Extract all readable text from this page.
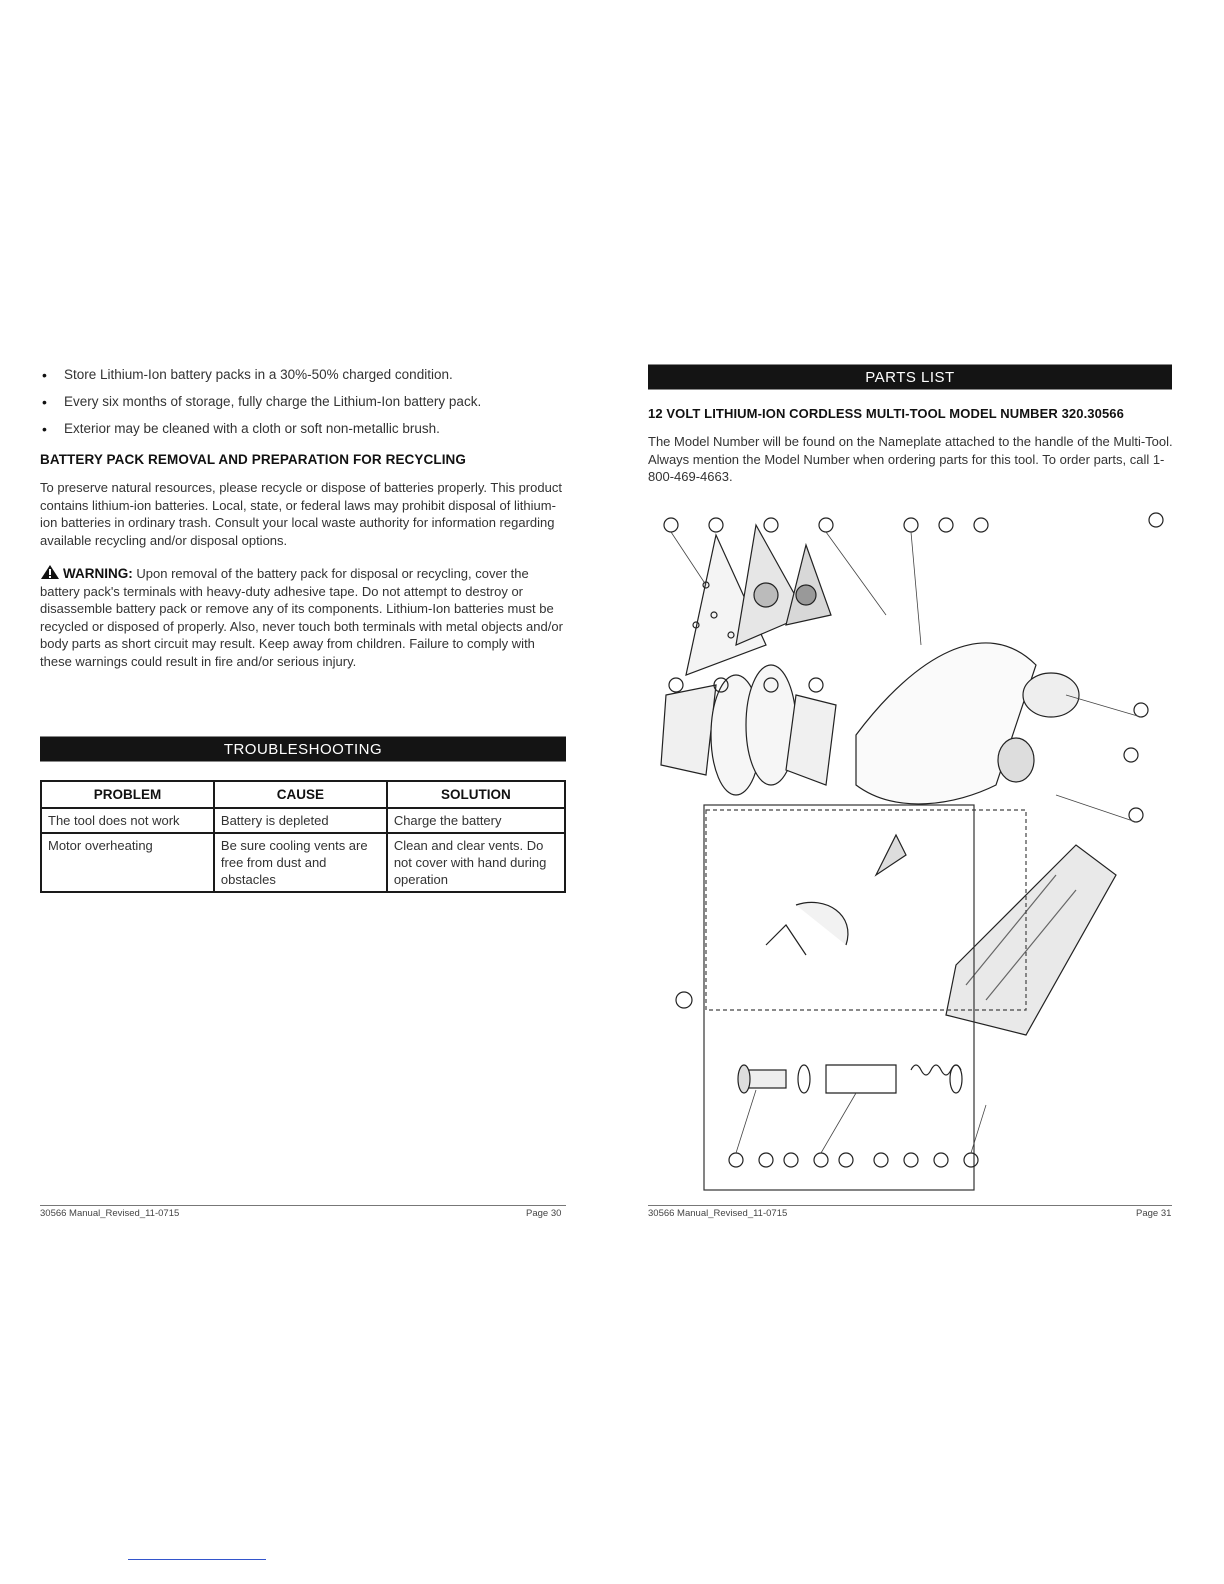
• Store Lithium-Ion battery packs in a 30%-50% charged condition.
• Every six months of storage, fully charge the Lithium-Ion battery pack.
• Exterior may be cleaned with a cloth or soft non-metallic brush.
BATTERY PACK REMOVAL AND PREPARATION FOR RECYCLING
To preserve natural resources, please recycle or dispose of batteries properly. This product contains lithium-ion batteries. Local, state, or federal laws may prohibit disposal of lithium-ion batteries in ordinary trash. Consult your local waste authority for information regarding available recycling and/or disposal options.
WARNING: Upon removal of the battery pack for disposal or recycling, cover the battery pack's terminals with heavy-duty adhesive tape. Do not attempt to destroy or disassemble battery pack or remove any of its components. Lithium-Ion batteries must be recycled or disposed of properly. Also, never touch both terminals with metal objects and/or body parts as short circuit may result. Keep away from children. Failure to comply with these warnings could result in fire and/or serious injury.
TROUBLESHOOTING
PROBLEM	CAUSE	SOLUTION
The tool does not work	Battery is depleted	Charge the battery
Motor overheating	Be sure cooling vents are free from dust and obstacles	Clean and clear vents. Do not cover with hand during operation
30566 Manual_Revised_11-0715	Page 30
PARTS LIST
12 VOLT LITHIUM-ION CORDLESS MULTI-TOOL MODEL NUMBER 320.30566
The Model Number will be found on the Nameplate attached to the handle of the Multi-Tool. Always mention the Model Number when ordering parts for this tool. To order parts, call 1-800-469-4663.
30566 Manual_Revised_11-0715	Page 31
